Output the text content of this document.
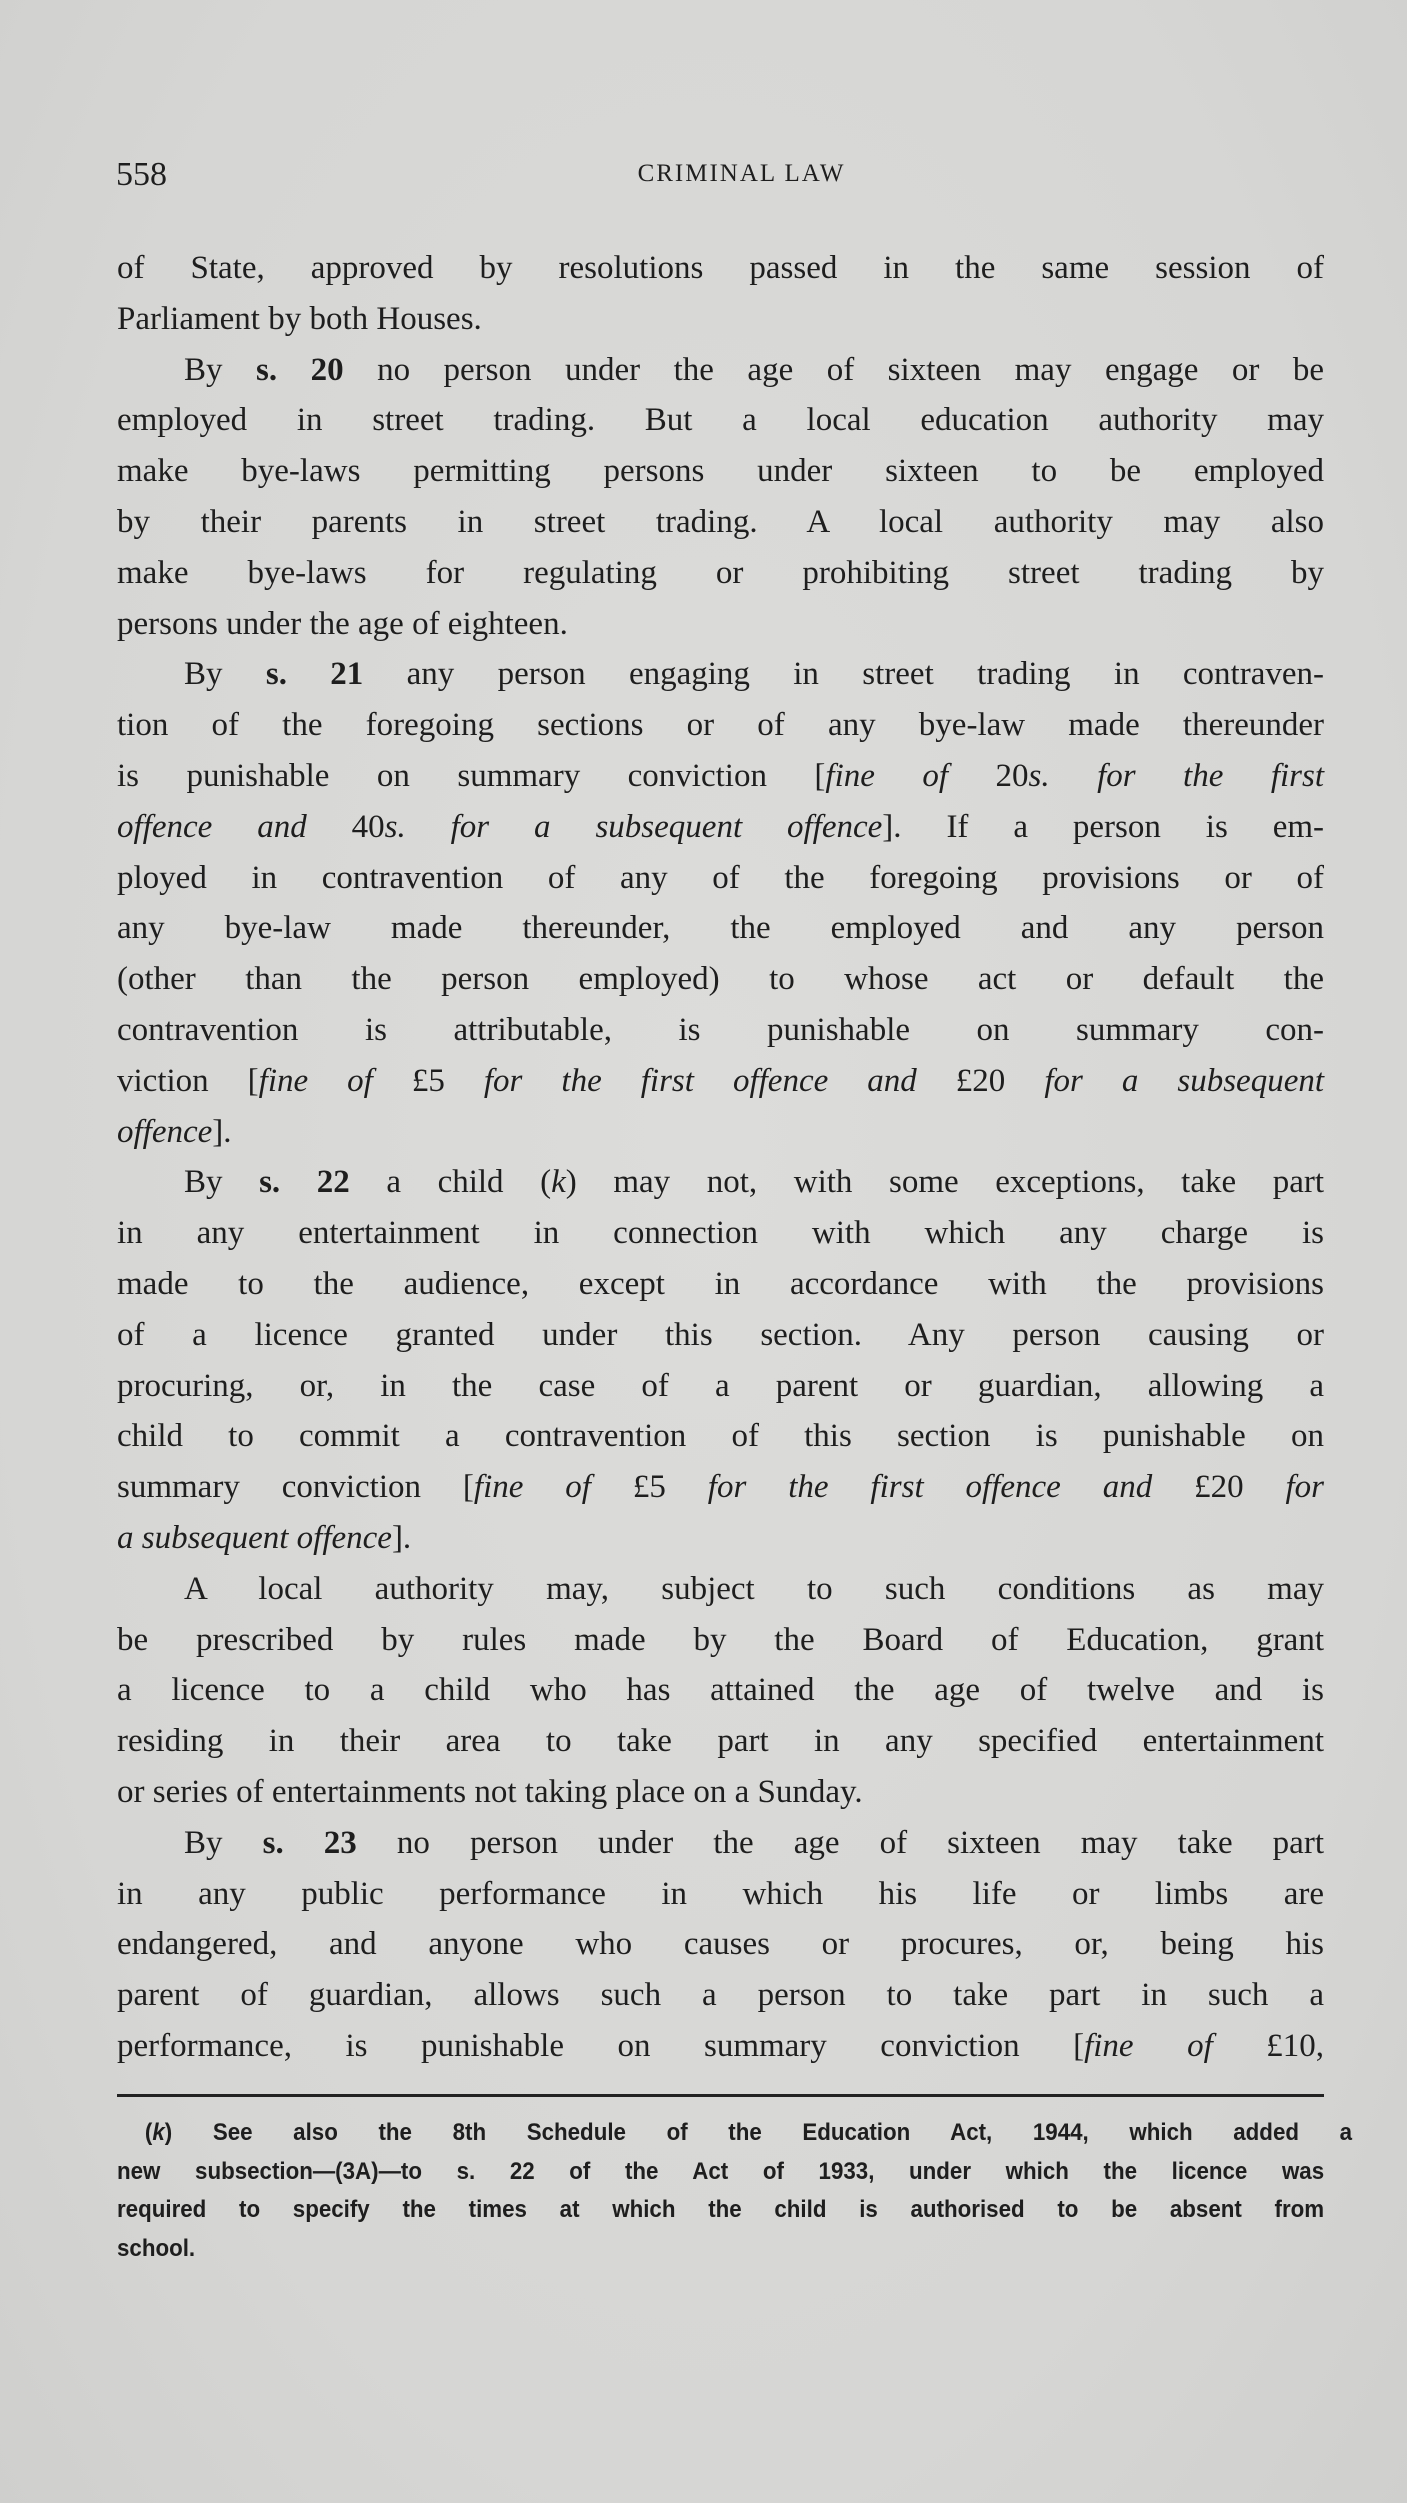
558	CRIMINAL LAW
of State, approved by resolutions passed in the same session of
Parliament by both Houses.
By s. 20 no person under the age of sixteen may engage or be
employed in street trading. But a local education authority may
make bye-laws permitting persons under sixteen to be employed
by their parents in street trading. A local authority may also
make bye-laws for regulating or prohibiting street trading by
persons under the age of eighteen.
By s. 21 any person engaging in street trading in contraven-
tion of the foregoing sections or of any bye-law made thereunder
is punishable on summary conviction [fine of 20s. for the first
offence and 40s. for a subsequent offence]. If a person is em-
ployed in contravention of any of the foregoing provisions or of
any bye-law made thereunder, the employed and any person
(other than the person employed) to whose act or default the
contravention is attributable, is punishable on summary con-
viction [fine of £5 for the first offence and £20 for a subsequent
offence].
By s. 22 a child (k) may not, with some exceptions, take part
in any entertainment in connection with which any charge is
made to the audience, except in accordance with the provisions
of a licence granted under this section. Any person causing or
procuring, or, in the case of a parent or guardian, allowing a
child to commit a contravention of this section is punishable on
summary conviction [fine of £5 for the first offence and £20 for
a subsequent offence].
A local authority may, subject to such conditions as may
be prescribed by rules made by the Board of Education, grant
a licence to a child who has attained the age of twelve and is
residing in their area to take part in any specified entertainment
or series of entertainments not taking place on a Sunday.
By s. 23 no person under the age of sixteen may take part
in any public performance in which his life or limbs are
endangered, and anyone who causes or procures, or, being his
parent of guardian, allows such a person to take part in such a
performance, is punishable on summary conviction [fine of £10,
(k) See also the 8th Schedule of the Education Act, 1944, which added a
new subsection—(3A)—to s. 22 of the Act of 1933, under which the licence was
required to specify the times at which the child is authorised to be absent from
school.
